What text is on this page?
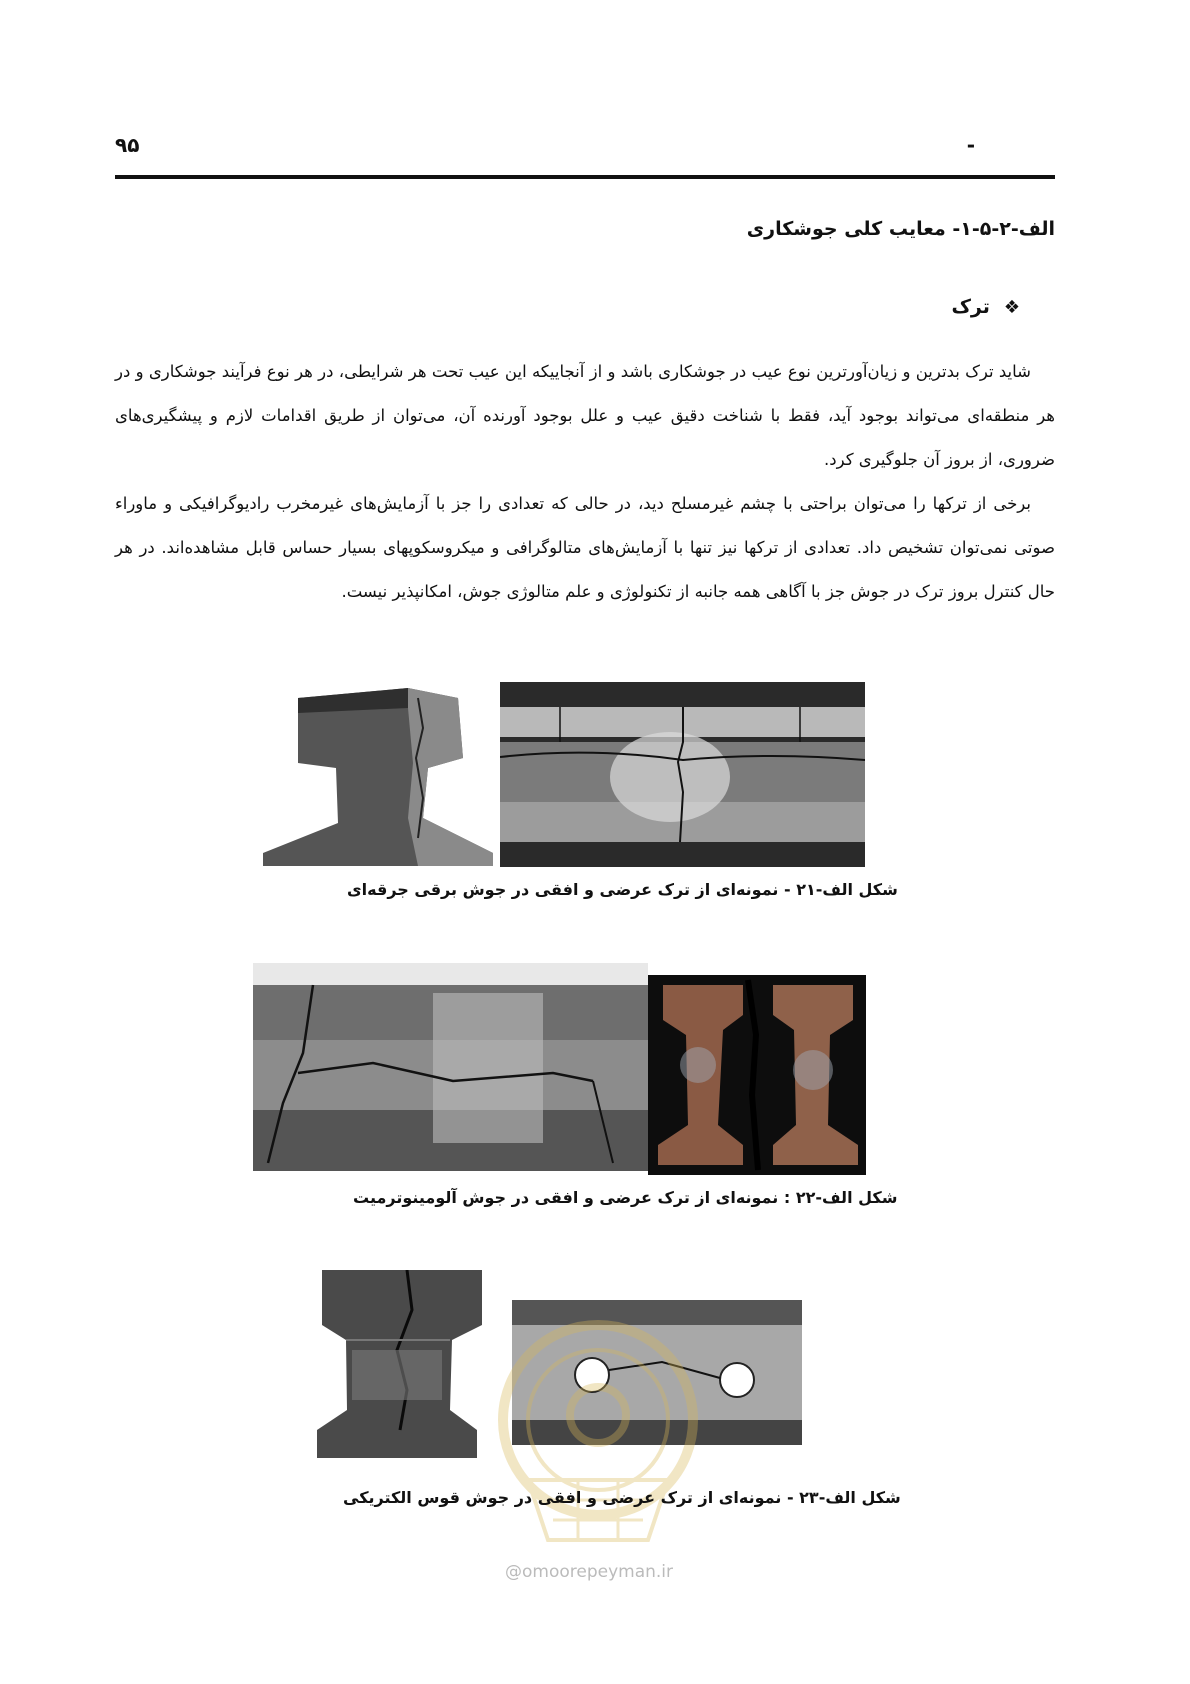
-
۹۵
الف-۲-۵-۱- معایب کلی جوشکاری
❖ترک
شاید ترک بدترین و زیان‌آورترین نوع عیب در جوشکاری باشد و از آنجاییکه این عیب تحت هر شرایطی، در هر نوع فرآیند جوشکاری و در هر منطقه‌ای می‌تواند بوجود آید، فقط با شناخت دقیق عیب و علل بوجود آورنده آن، می‌توان از طریق اقدامات لازم و پیشگیری‌های ضروری، از بروز آن جلوگیری کرد.
برخی از ترکها را می‌توان براحتی با چشم غیرمسلح دید، در حالی که تعدادی را جز با آزمایش‌های غیرمخرب رادیوگرافیکی و ماوراء صوتی نمی‌توان تشخیص داد. تعدادی از ترکها نیز تنها با آزمایش‌های متالوگرافی و میکروسکوپهای بسیار حساس قابل مشاهده‌اند. در هر حال کنترل بروز ترک در جوش جز با آگاهی همه جانبه از تکنولوژی و علم متالوژی جوش، امکانپذیر نیست.
شکل الف-۲۱ - نمونه‌ای از ترک عرضی و افقی در جوش برقی جرقه‌ای
شکل الف-۲۲ : نمونه‌ای از ترک عرضی و افقی در جوش آلومینوترمیت
شکل الف-۲۳ - نمونه‌ای از ترک عرضی و افقی در جوش قوس الکتریکی
@omoorepeyman.ir
